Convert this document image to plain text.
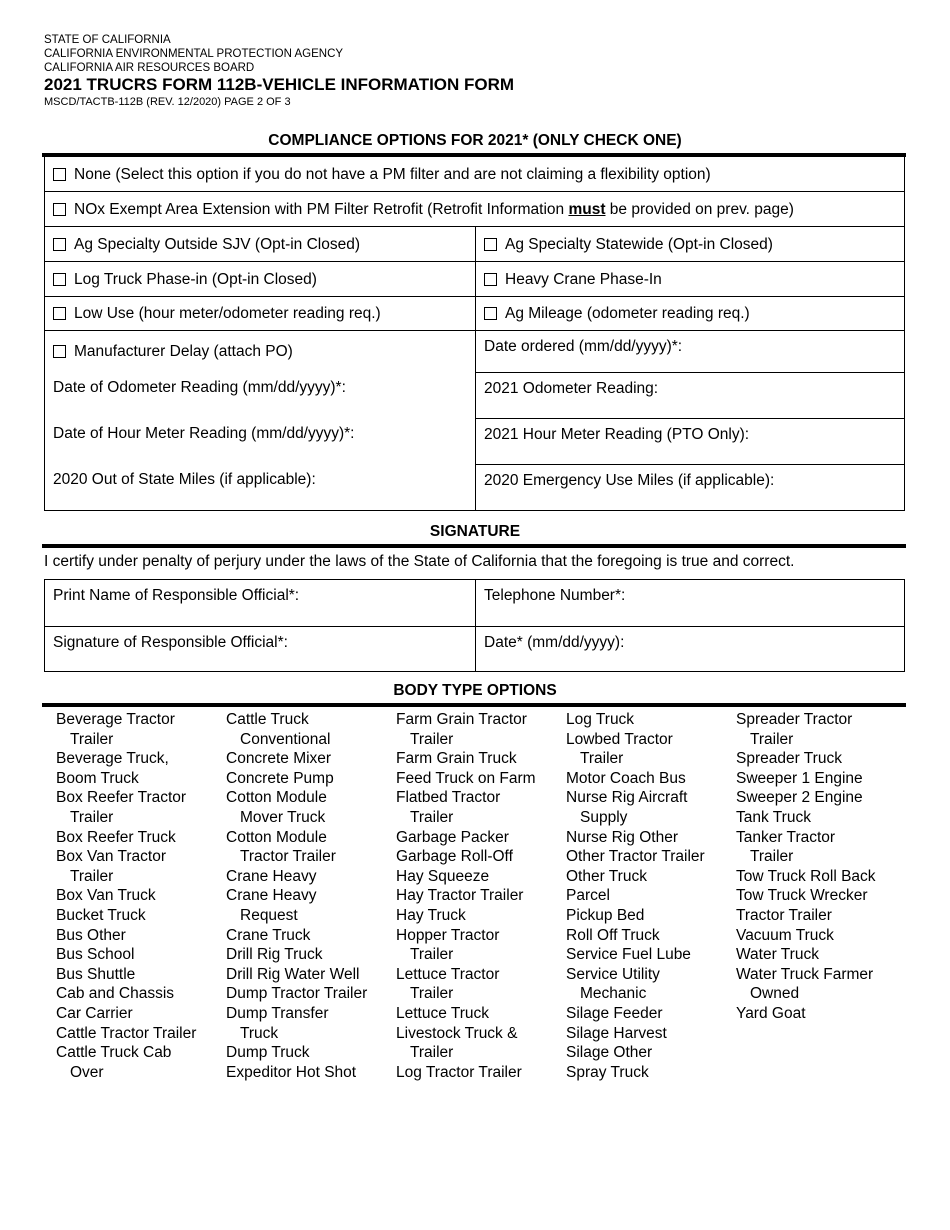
STATE OF CALIFORNIA

CALIFORNIA ENVIRONMENTAL PROTECTION AGENCY

CALIFORNIA AIR RESOURCES BOARD

2021 TRUCRS FORM 112B-VEHICLE INFORMATION FORM

MSCD/TACTB-112B (REV. 12/2020) PAGE 2 OF 3

COMPLIANCE OPTIONS FOR 2021* (ONLY CHECK ONE)
None (Select this option if you do not have a PM filter and are not claiming a flexibility option)
NOx Exempt Area Extension with PM Filter Retrofit (Retrofit Information must be provided on prev. page)
Ag Specialty Outside SJV (Opt-in Closed)	Ag Specialty Statewide (Opt-in Closed)
Log Truck Phase-in (Opt-in Closed)	Heavy Crane Phase-In
Low Use (hour meter/odometer reading req.)	Ag Mileage (odometer reading req.)
Manufacturer Delay (attach PO)	Date ordered (mm/dd/yyyy)*:
Date of Odometer Reading (mm/dd/yyyy)*:	2021 Odometer Reading:
Date of Hour Meter Reading (mm/dd/yyyy)*:	2021 Hour Meter Reading (PTO Only):
2020 Out of State Miles (if applicable):	2020 Emergency Use Miles (if applicable):
SIGNATURE
I certify under penalty of perjury under the laws of the State of California that the foregoing is true and correct.
Print Name of Responsible Official*:	Telephone Number*:
Signature of Responsible Official*:	Date* (mm/dd/yyyy):
BODY TYPE OPTIONS
Beverage Tractor
Trailer
Beverage Truck,
Boom Truck
Box Reefer Tractor
Trailer
Box Reefer Truck
Box Van Tractor
Trailer
Box Van Truck
Bucket Truck
Bus Other
Bus School
Bus Shuttle
Cab and Chassis
Car Carrier
Cattle Tractor Trailer
Cattle Truck Cab
Over
Cattle Truck
Conventional
Concrete Mixer
Concrete Pump
Cotton Module
Mover Truck
Cotton Module
Tractor Trailer
Crane Heavy
Crane Heavy
Request
Crane Truck
Drill Rig Truck
Drill Rig Water Well
Dump Tractor Trailer
Dump Transfer
Truck
Dump Truck
Expeditor Hot Shot
Farm Grain Tractor
Trailer
Farm Grain Truck
Feed Truck on Farm
Flatbed Tractor
Trailer
Garbage Packer
Garbage Roll-Off
Hay Squeeze
Hay Tractor Trailer
Hay Truck
Hopper Tractor
Trailer
Lettuce Tractor
Trailer
Lettuce Truck
Livestock Truck &
Trailer
Log Tractor Trailer
Log Truck
Lowbed Tractor
Trailer
Motor Coach Bus
Nurse Rig Aircraft
Supply
Nurse Rig Other
Other Tractor Trailer
Other Truck
Parcel
Pickup Bed
Roll Off Truck
Service Fuel Lube
Service Utility
Mechanic
Silage Feeder
Silage Harvest
Silage Other
Spray Truck
Spreader Tractor
Trailer
Spreader Truck
Sweeper 1 Engine
Sweeper 2 Engine
Tank Truck
Tanker Tractor
Trailer
Tow Truck Roll Back
Tow Truck Wrecker
Tractor Trailer
Vacuum Truck
Water Truck
Water Truck Farmer
Owned
Yard Goat
